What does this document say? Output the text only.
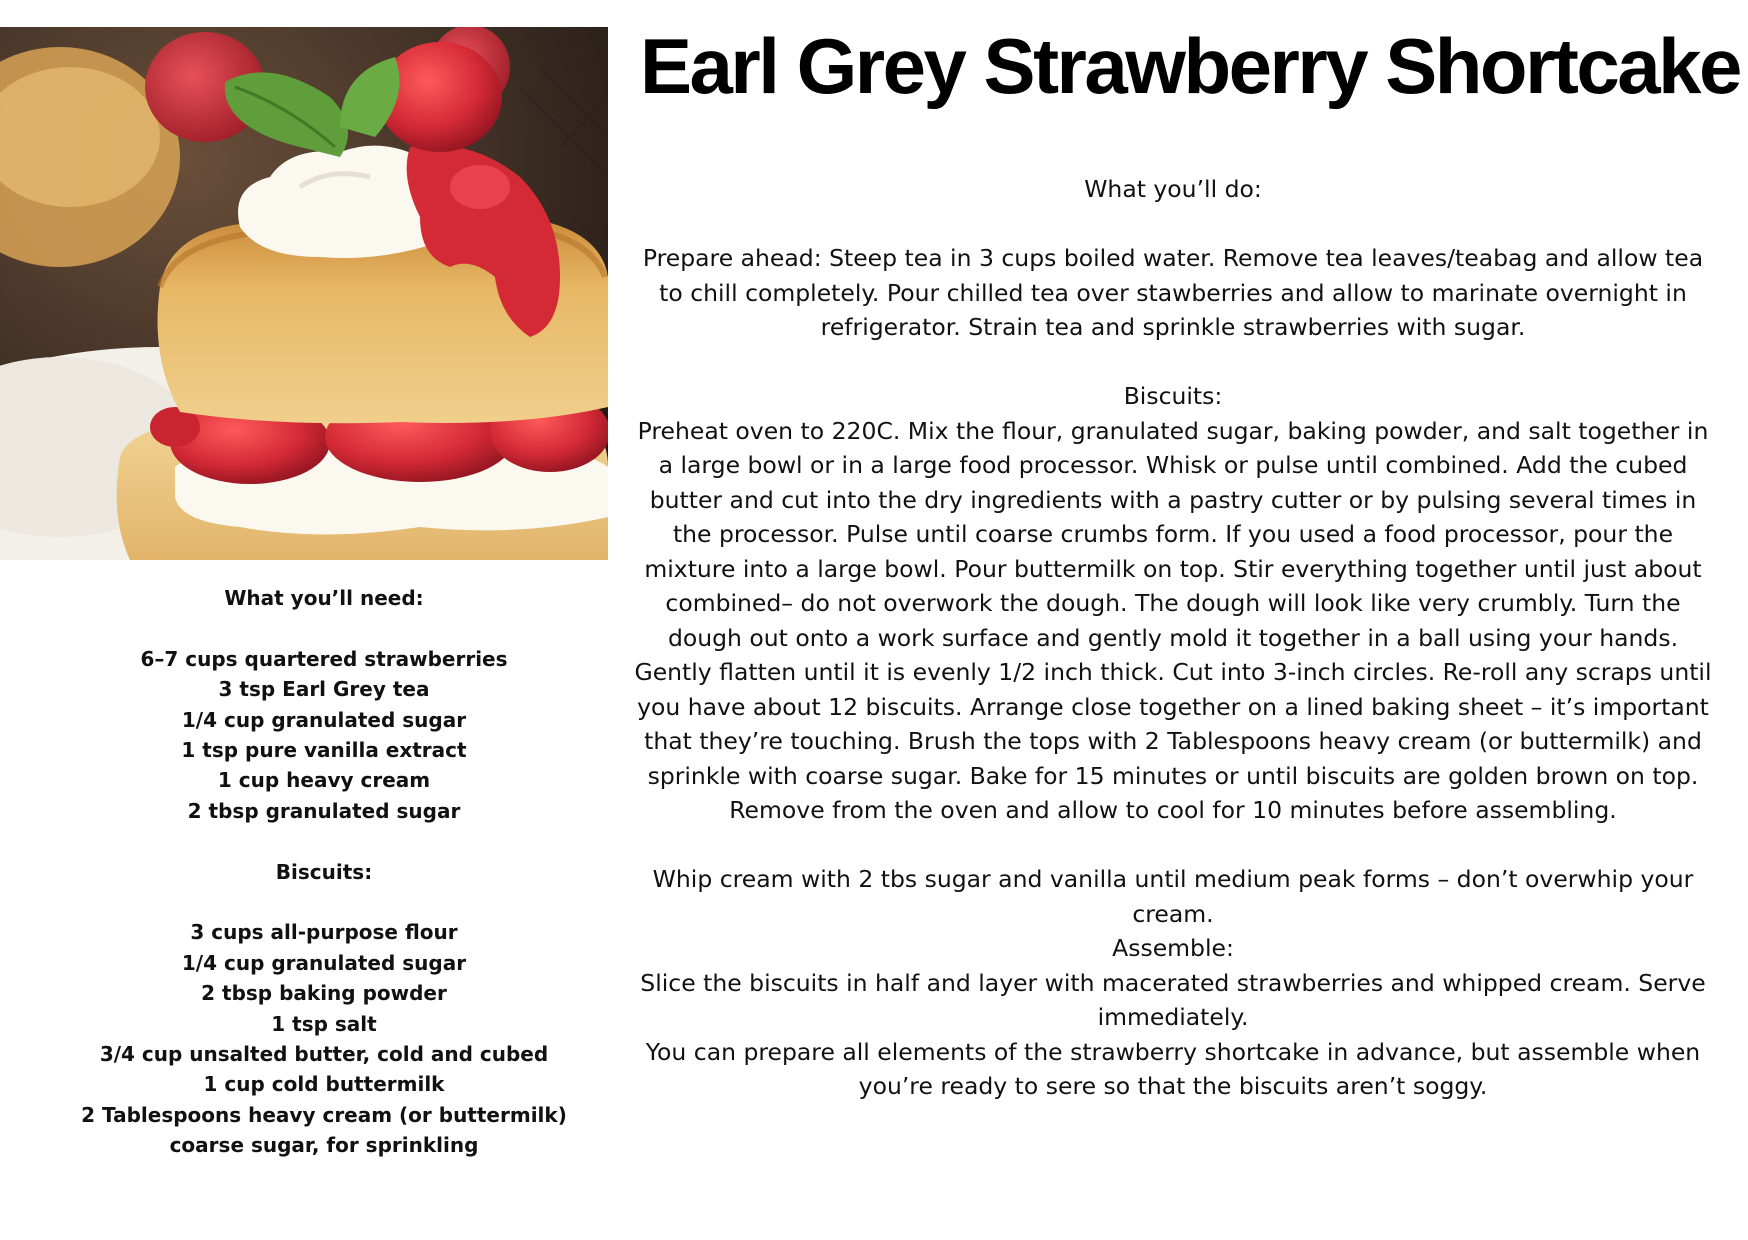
Earl Grey Strawberry Shortcake

What you’ll do:

Prepare ahead: Steep tea in 3 cups boiled water. Remove tea leaves/teabag and allow tea to chill completely. Pour chilled tea over stawberries and allow to marinate overnight in refrigerator. Strain tea and sprinkle strawberries with sugar.

Biscuits:

Preheat oven to 220C. Mix the flour, granulated sugar, baking powder, and salt together in a large bowl or in a large food processor. Whisk or pulse until combined. Add the cubed butter and cut into the dry ingredients with a pastry cutter or by pulsing several times in the processor. Pulse until coarse crumbs form. If you used a food processor, pour the mixture into a large bowl. Pour buttermilk on top. Stir everything together until just about combined– do not overwork the dough. The dough will look like very crumbly. Turn the dough out onto a work surface and gently mold it together in a ball using your hands. Gently flatten until it is evenly 1/2 inch thick. Cut into 3-inch circles. Re-roll any scraps until you have about 12 biscuits. Arrange close together on a lined baking sheet – it’s important that they’re touching. Brush the tops with 2 Tablespoons heavy cream (or buttermilk) and sprinkle with coarse sugar. Bake for 15 minutes or until biscuits are golden brown on top. Remove from the oven and allow to cool for 10 minutes before assembling.

Whip cream with 2 tbs sugar and vanilla until medium peak forms – don’t overwhip your cream.

Assemble:

Slice the biscuits in half and layer with macerated strawberries and whipped cream. Serve immediately.

You can prepare all elements of the strawberry shortcake in advance, but assemble when you’re ready to sere so that the biscuits aren’t soggy.

What you’ll need:

6–7 cups quartered strawberries

3 tsp Earl Grey tea

1/4 cup granulated sugar

1 tsp pure vanilla extract

1 cup heavy cream

2 tbsp granulated sugar

Biscuits:

3 cups all-purpose flour

1/4 cup granulated sugar

2 tbsp baking powder

1 tsp salt

3/4 cup unsalted butter, cold and cubed

1 cup cold buttermilk

2 Tablespoons heavy cream (or buttermilk)

coarse sugar, for sprinkling
